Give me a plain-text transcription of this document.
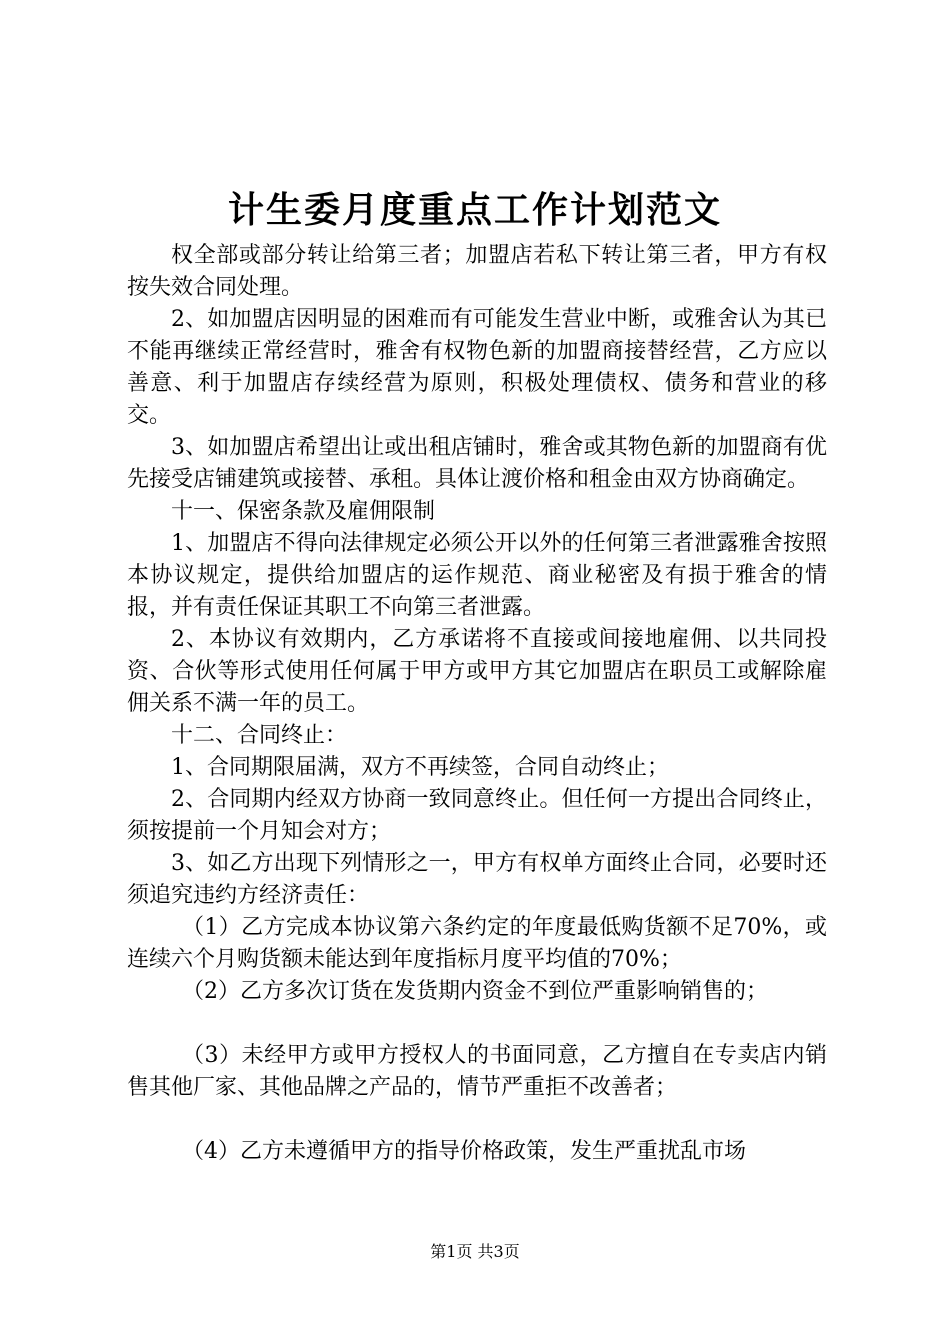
计生委月度重点工作计划范文

权全部或部分转让给第三者；加盟店若私下转让第三者，甲方有权按失效合同处理。

2、如加盟店因明显的困难而有可能发生营业中断，或雅舍认为其已不能再继续正常经营时，雅舍有权物色新的加盟商接替经营，乙方应以善意、利于加盟店存续经营为原则，积极处理债权、债务和营业的移交。

3、如加盟店希望出让或出租店铺时，雅舍或其物色新的加盟商有优先接受店铺建筑或接替、承租。具体让渡价格和租金由双方协商确定。

十一、保密条款及雇佣限制

1、加盟店不得向法律规定必须公开以外的任何第三者泄露雅舍按照本协议规定，提供给加盟店的运作规范、商业秘密及有损于雅舍的情报，并有责任保证其职工不向第三者泄露。

2、本协议有效期内，乙方承诺将不直接或间接地雇佣、以共同投资、合伙等形式使用任何属于甲方或甲方其它加盟店在职员工或解除雇佣关系不满一年的员工。

十二、合同终止：

1、合同期限届满，双方不再续签，合同自动终止；

2、合同期内经双方协商一致同意终止。但任何一方提出合同终止，须按提前一个月知会对方；

3、如乙方出现下列情形之一，甲方有权单方面终止合同，必要时还须追究违约方经济责任：

（1）乙方完成本协议第六条约定的年度最低购货额不足70%，或连续六个月购货额未能达到年度指标月度平均值的70%；

（2）乙方多次订货在发货期内资金不到位严重影响销售的；

（3）未经甲方或甲方授权人的书面同意，乙方擅自在专卖店内销售其他厂家、其他品牌之产品的，情节严重拒不改善者；

（4）乙方未遵循甲方的指导价格政策，发生严重扰乱市场

第1页 共3页
